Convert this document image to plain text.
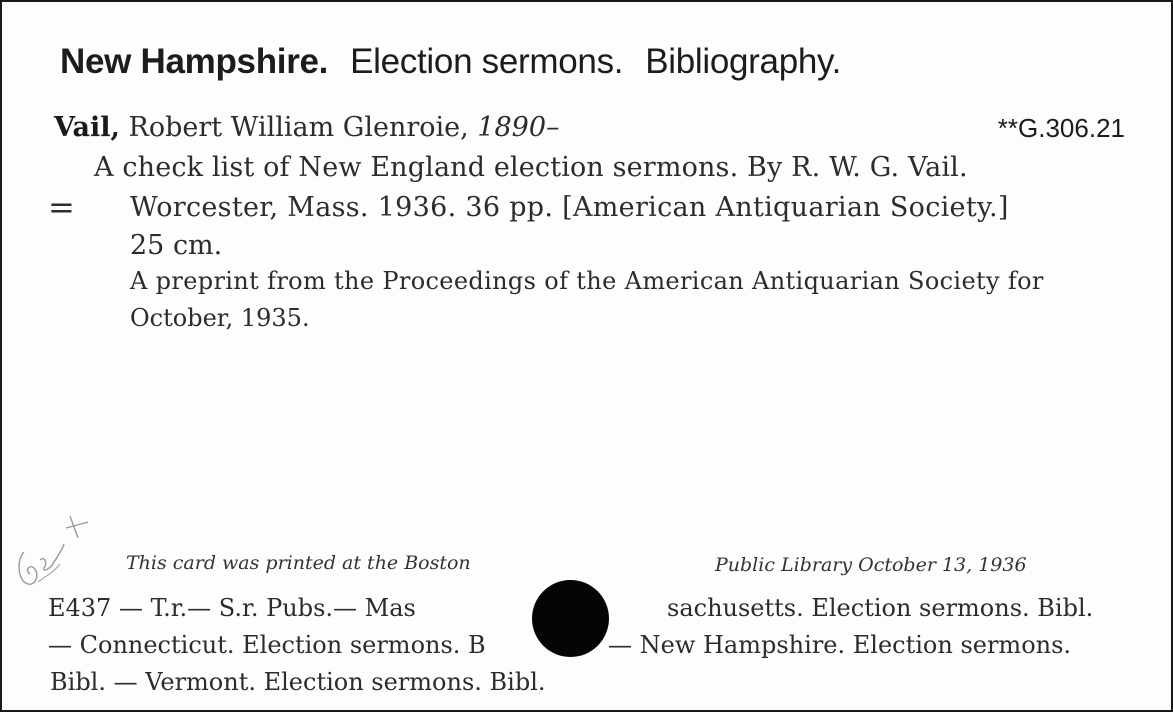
New Hampshire. Election sermons. Bibliography.
Vail, Robert William Glenroie, 1890–	**G.306.21
A check list of New England election sermons. By R. W. G. Vail.
= Worcester, Mass. 1936. 36 pp. [American Antiquarian Society.]
25 cm.
A preprint from the Proceedings of the American Antiquarian Society for
October, 1935.
This card was printed at the Boston	Public Library October 13, 1936
E437 — T.r.— S.r. Pubs.— Mas	sachusetts. Election sermons. Bibl.
— Connecticut. Election sermons. B	— New Hampshire. Election sermons.
Bibl. — Vermont. Election sermons. Bibl.
